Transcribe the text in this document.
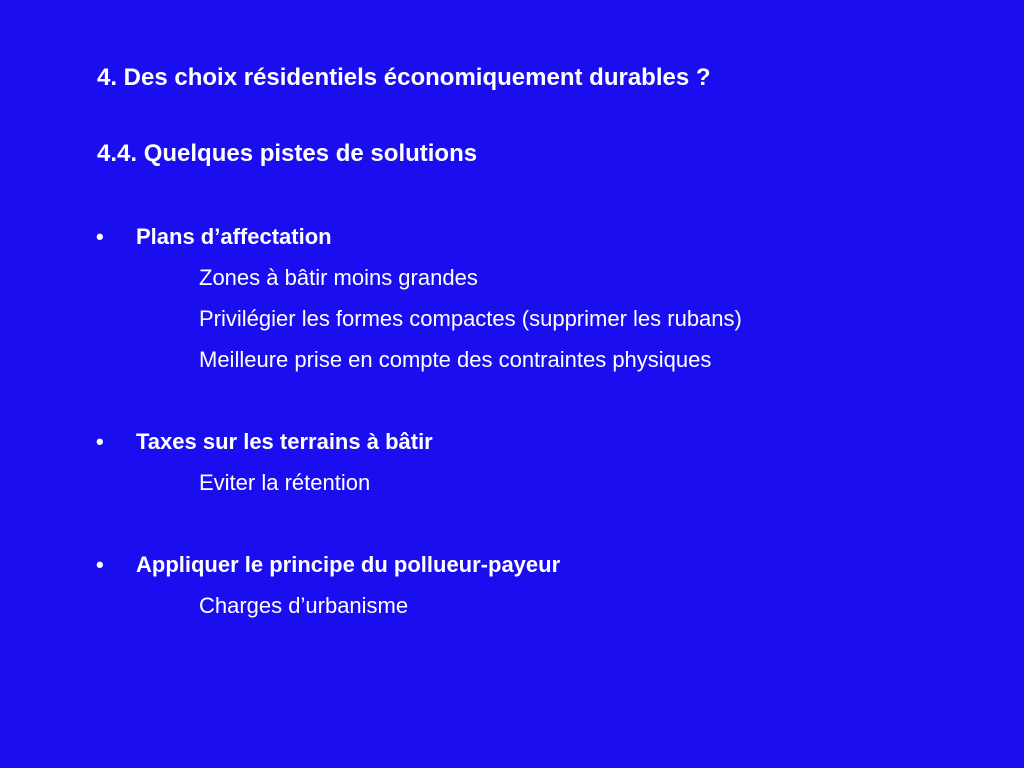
4. Des choix résidentiels économiquement durables ?
4.4. Quelques pistes de solutions
• Plans d’affectation
Zones à bâtir moins grandes
Privilégier les formes compactes (supprimer les rubans)
Meilleure prise en compte des contraintes physiques
• Taxes sur les terrains à bâtir
Eviter la rétention
• Appliquer le principe du pollueur-payeur
Charges d’urbanisme
